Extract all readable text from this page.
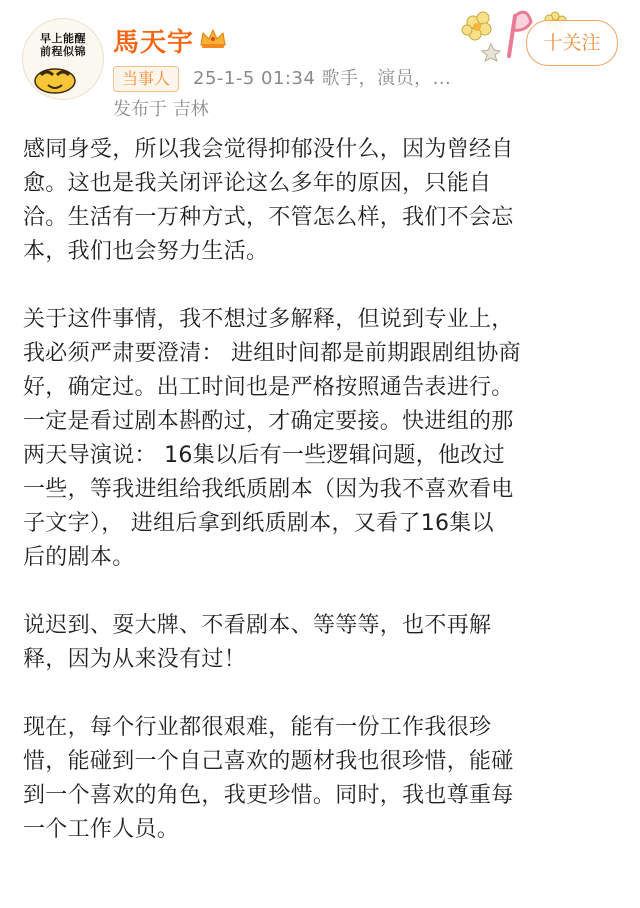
早上能醒
前程似锦 馬天宇
当事人	25-1-5 01:34 歌手，演员，...
发布于 吉林
十关注

感同身受，所以我会觉得抑郁没什么，因为曾经自
愈。这也是我关闭评论这么多年的原因，只能自
洽。生活有一万种方式，不管怎么样，我们不会忘
本，我们也会努力生活。

关于这件事情，我不想过多解释，但说到专业上，
我必须严肃要澄清： 进组时间都是前期跟剧组协商
好，确定过。出工时间也是严格按照通告表进行。
一定是看过剧本斟酌过，才确定要接。快进组的那
两天导演说： 16集以后有一些逻辑问题，他改过
一些，等我进组给我纸质剧本（因为我不喜欢看电
子文字）， 进组后拿到纸质剧本，又看了16集以
后的剧本。

说迟到、耍大牌、不看剧本、等等等，也不再解
释，因为从来没有过！

现在，每个行业都很艰难，能有一份工作我很珍
惜，能碰到一个自己喜欢的题材我也很珍惜，能碰
到一个喜欢的角色，我更珍惜。同时，我也尊重每
一个工作人员。
